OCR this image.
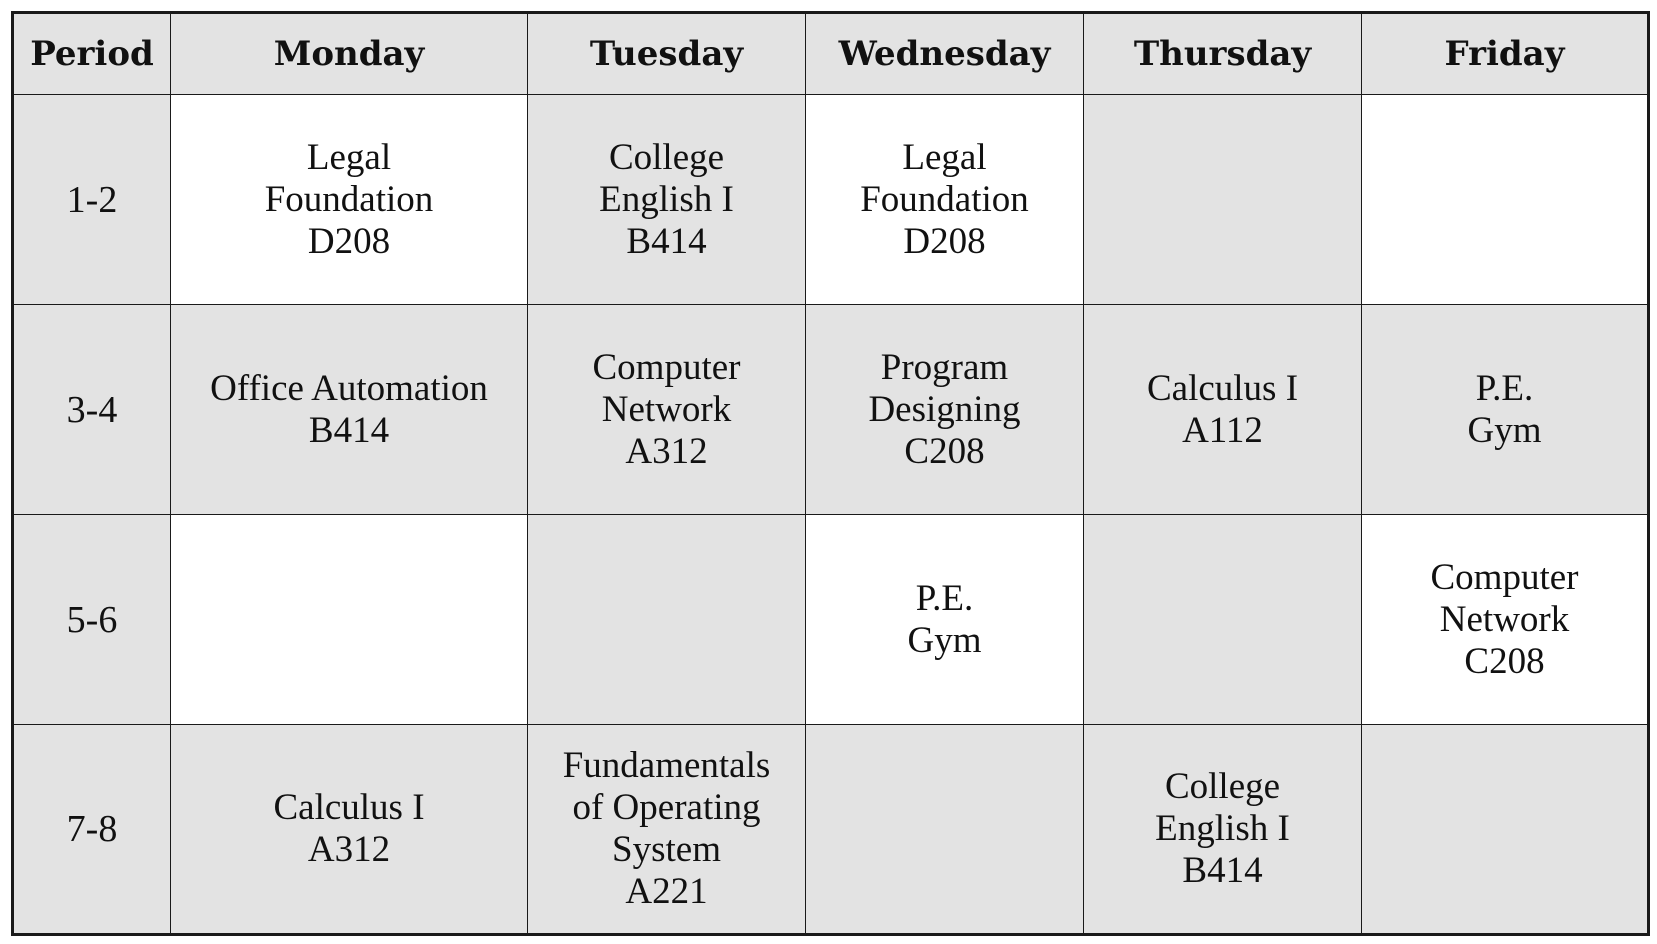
Period	Monday	Tuesday	Wednesday	Thursday	Friday
1-2	Legal
Foundation
D208	College
English I
B414	Legal
Foundation
D208		

3-4	Office Automation
B414	Computer
Network
A312	Program
Designing
C208	Calculus I
A112	P.E.
Gym

5-6			P.E.
Gym		Computer
Network
C208

7-8	Calculus I
A312	Fundamentals
of Operating
System
A221		College
English I
B414	
